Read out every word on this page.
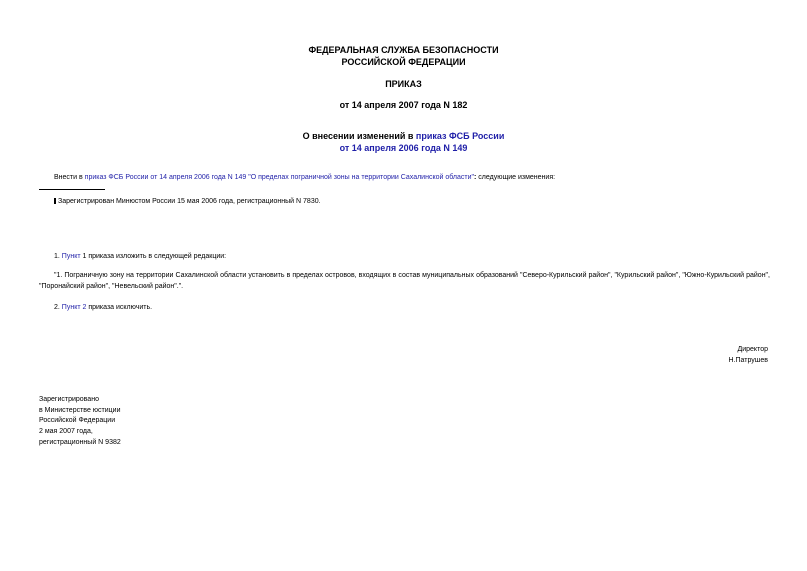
ФЕДЕРАЛЬНАЯ СЛУЖБА БЕЗОПАСНОСТИ
РОССИЙСКОЙ ФЕДЕРАЦИИ
ПРИКАЗ
от 14 апреля 2007 года N 182
О внесении изменений в приказ ФСБ России
от 14 апреля 2006 года N 149
Внести в приказ ФСБ России от 14 апреля 2006 года N 149 "О пределах пограничной зоны на территории Сахалинской области": следующие изменения:
Зарегистрирован Минюстом России 15 мая 2006 года, регистрационный N 7830.
1. Пункт 1 приказа изложить в следующей редакции:
"1. Пограничную зону на территории Сахалинской области установить в пределах островов, входящих в состав муниципальных образований "Северо-Курильский район", "Курильский район", "Южно-Курильский район", "Поронайский район", "Невельский район".".
2. Пункт 2 приказа исключить.
Директор
Н.Патрушев
Зарегистрировано
в Министерстве юстиции
Российской Федерации
2 мая 2007 года,
регистрационный N 9382
